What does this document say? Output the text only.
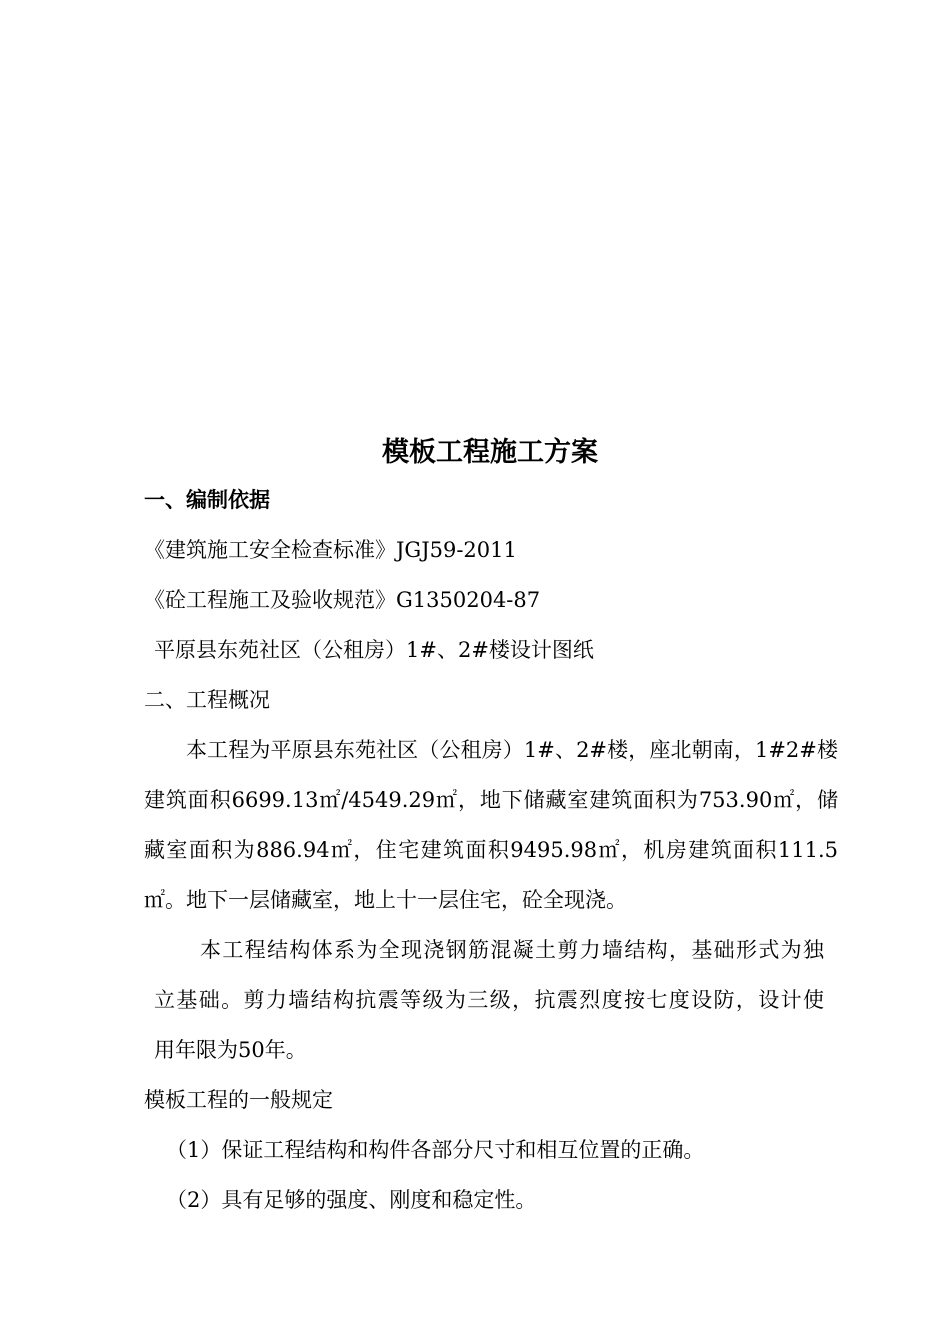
模板工程施工方案
一、编制依据
《建筑施工安全检查标准》JGJ59-2011
《砼工程施工及验收规范》G1350204-87
平原县东苑社区（公租房）1#、2#楼设计图纸
二、工程概况
本工程为平原县东苑社区（公租房）1#、2#楼，座北朝南，1#2#楼
建筑面积6699.13㎡/4549.29㎡，地下储藏室建筑面积为753.90㎡，储
藏室面积为886.94㎡，住宅建筑面积9495.98㎡，机房建筑面积111.5
㎡。地下一层储藏室，地上十一层住宅，砼全现浇。
本工程结构体系为全现浇钢筋混凝土剪力墙结构，基础形式为独
立基础。剪力墙结构抗震等级为三级，抗震烈度按七度设防，设计使
用年限为50年。
模板工程的一般规定
（1）保证工程结构和构件各部分尺寸和相互位置的正确。
（2）具有足够的强度、刚度和稳定性。
